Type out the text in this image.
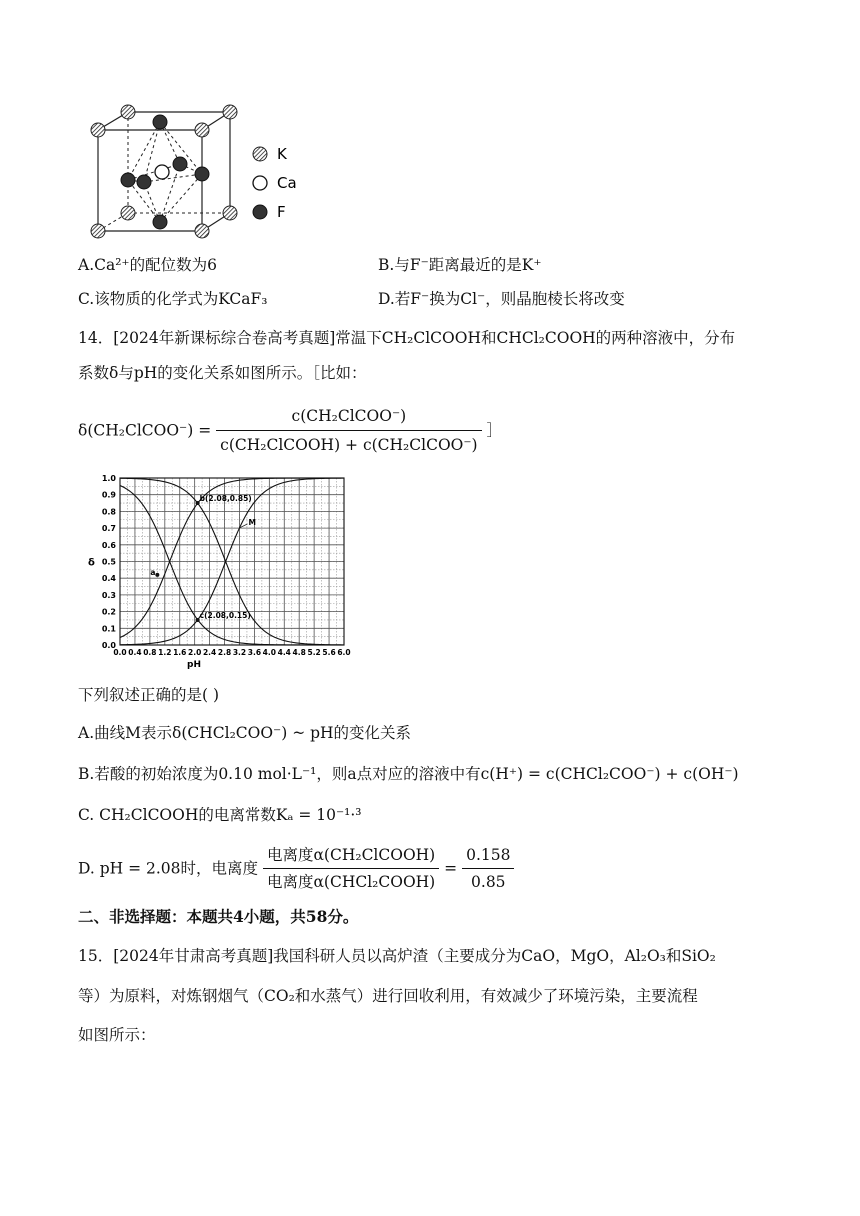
K
Ca
F
A.Ca²⁺的配位数为6	B.与F⁻距离最近的是K⁺
C.该物质的化学式为KCaF₃	D.若F⁻换为Cl⁻，则晶胞棱长将改变
14．[2024年新课标综合卷高考真题]常温下CH₂ClCOOH和CHCl₂COOH的两种溶液中，分布
系数δ与pH的变化关系如图所示。［比如：
δ(CH₂ClCOO⁻) = $\frac{\text{c(CH₂ClCOO⁻)}}{\text{c(CH₂ClCOOH) + c(CH₂ClCOO⁻)}}$ ］
0.0 0.4 0.8 1.2 1.6 2.0 2.4 2.8 3.2 3.6 4.0 4.4 4.8 5.2 5.6 6.0
0.0
0.1
0.2
0.3
0.4
0.5
0.6
0.7
0.8
0.9
1.0
pH
δ
M
a
b(2.08,0.85)
c(2.08,0.15)
下列叙述正确的是( )
A.曲线M表示δ(CHCl₂COO⁻) ~ pH的变化关系
B.若酸的初始浓度为0.10 mol·L⁻¹，则a点对应的溶液中有c(H⁺) = c(CHCl₂COO⁻) + c(OH⁻)
C. CH₂ClCOOH的电离常数Kₐ = 10⁻¹·³
D. pH = 2.08时，电离度 $\frac{\text{电离度α(CH₂ClCOOH)}}{\text{电离度α(CHCl₂COOH)}} = \frac{0.158}{0.85}$
二、非选择题：本题共4小题，共58分。
15．[2024年甘肃高考真题]我国科研人员以高炉渣（主要成分为CaO，MgO，Al₂O₃和SiO₂
等）为原料，对炼钢烟气（CO₂和水蒸气）进行回收利用，有效减少了环境污染，主要流程
如图所示：
